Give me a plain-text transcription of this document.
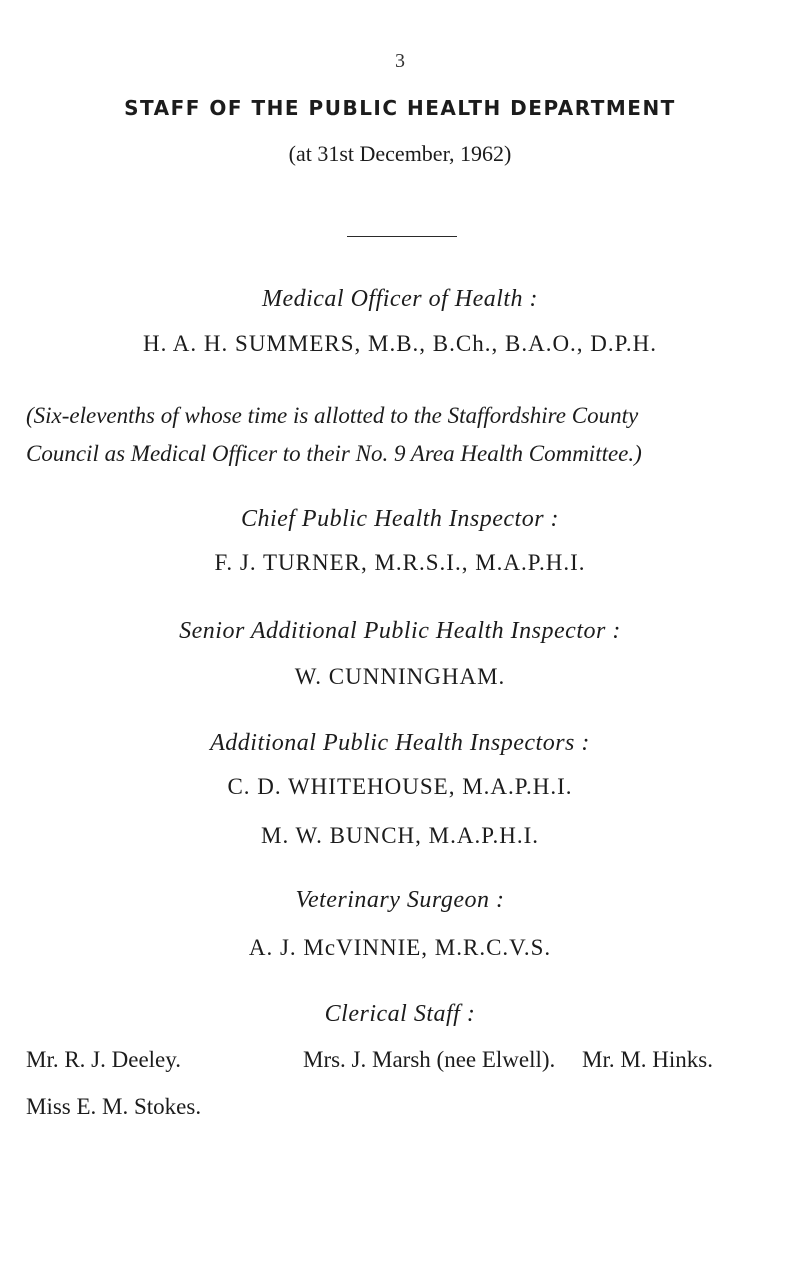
3
STAFF OF THE PUBLIC HEALTH DEPARTMENT
(at 31st December, 1962)
Medical Officer of Health :
H. A. H. SUMMERS, M.B., B.Ch., B.A.O., D.P.H.
(Six-elevenths of whose time is allotted to the Staffordshire County
Council as Medical Officer to their No. 9 Area Health Committee.)
Chief Public Health Inspector :
F. J. TURNER, M.R.S.I., M.A.P.H.I.
Senior Additional Public Health Inspector :
W. CUNNINGHAM.
Additional Public Health Inspectors :
C. D. WHITEHOUSE, M.A.P.H.I.
M. W. BUNCH, M.A.P.H.I.
Veterinary Surgeon :
A. J. McVINNIE, M.R.C.V.S.
Clerical Staff :
Mr. R. J. Deeley.	Mrs. J. Marsh (nee Elwell). Mr. M. Hinks.
Miss E. M. Stokes.
